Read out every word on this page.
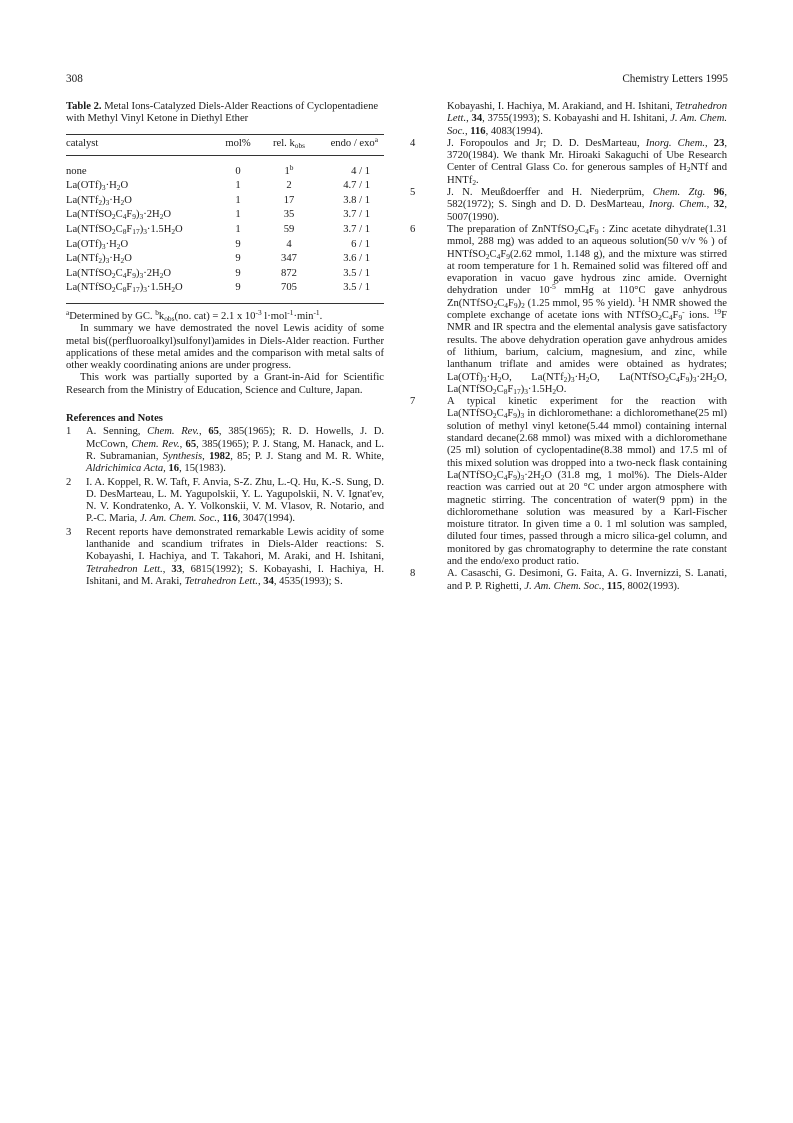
308	Chemistry Letters 1995
Table 2. Metal Ions-Catalyzed Diels-Alder Reactions of Cyclopentadiene with Methyl Vinyl Ketone in Diethyl Ether
catalyst	mol%	rel. $k_{obs}$	endo / exo$^a$
none	0	1$^b$	4 / 1
$La(OTf)_3\cdot H_2O$	1	2	4.7 / 1
$La(NTf_2)_3\cdot H_2O$	1	17	3.8 / 1
$La(NTfSO_2C_4F_9)_3\cdot 2H_2O$	1	35	3.7 / 1
$La(NTfSO_2C_8F_{17})_3\cdot 1.5H_2O$	1	59	3.7 / 1
$La(OTf)_3\cdot H_2O$	9	4	6 / 1
$La(NTf_2)_3\cdot H_2O$	9	347	3.6 / 1
$La(NTfSO_2C_4F_9)_3\cdot 2H_2O$	9	872	3.5 / 1
$La(NTfSO_2C_8F_{17})_3\cdot 1.5H_2O$	9	705	3.5 / 1

$^a$Determined by GC. $^bk_{obs}(no$. cat) = 2.1 x $10^{-3}$ $l\cdot mol^{-1}\cdot\min^{-1}$.

In summary we have demostrated the novel Lewis acidity of some metal bis((perfluoroalkyl)sulfonyl)amides in Diels-Alder reaction. Further applications of these metal amides and the comparison with metal salts of other weakly coordinating anions are under progress.

This work was partially suported by a Grant-in-Aid for Scientific Research from the Ministry of Education, Science and Culture, Japan.

References and Notes
1 A. Senning, Chem. Rev., 65, 385(1965); R. D. Howells, J. D. McCown, Chem. Rev., 65, 385(1965); P. J. Stang, M. Hanack, and L. R. Subramanian, Synthesis, 1982, 85; P. J. Stang and M. R. White, Aldrichimica Acta, 16, 15(1983).
2 I. A. Koppel, R. W. Taft, F. Anvia, S-Z. Zhu, L.-Q. Hu, K.-S. Sung, D. D. DesMarteau, L. M. Yagupolskii, Y. L. Yagupolskii, N. V. Ignat'ev, N. V. Kondratenko, A. Y. Volkonskii, V. M. Vlasov, R. Notario, and P.-C. Maria, J. Am. Chem. Soc., 116, 3047(1994).
3 Recent reports have demonstrated remarkable Lewis acidity of some lanthanide and scandium trifrates in Diels-Alder reactions: S. Kobayashi, I. Hachiya, and T. Takahori, M. Araki, and H. Ishitani, Tetrahedron Lett., 33, 6815(1992); S. Kobayashi, I. Hachiya, H. Ishitani, and M. Araki, Tetrahedron Lett., 34, 4535(1993); S.
Kobayashi, I. Hachiya, M. Arakiand, and H. Ishitani, Tetrahedron Lett., 34, 3755(1993); S. Kobayashi and H. Ishitani, J. Am. Chem. Soc., 116, 4083(1994).
4	J. Foropoulos and Jr; D. D. DesMarteau, Inorg. Chem., 23, 3720(1984). We thank Mr. Hiroaki Sakaguchi of Ube Research Center of Central Glass Co. for generous samples of $H_2NTf$ and HNTf$_2$.
5	J. N. Meußdoerffer and H. Niederprüm, Chem. Ztg. 96, 582(1972); S. Singh and D. D. DesMarteau, Inorg. Chem., 32, 5007(1990).
6	The preparation of $ZnNTfSO_2C_4F_9$ : Zinc acetate dihydrate(1.31 mmol, 288 mg) was added to an aqueous solution(50 v/v % ) of $HNTfSO_2C_4F_9(2.62$ mmol, 1.148 g), and the mixture was stirred at room temperature for 1 h. Remained solid was filtered off and evaporation in vacuo gave hydrous zinc amide. Overnight dehydration under $10^{-5}$ mmHg at 110°C gave anhydrous $Zn(NTfSO_2C_4F_9)_2$ (1.25 mmol, 95 % yield). $^1$H NMR showed the complete exchange of acetate ions with $NTfSO_2C_4F_9^-$ ions. $^{19}$F NMR and IR spectra and the elemental analysis gave satisfactory results. The above dehydration operation gave anhydrous amides of lithium, barium, calcium, magnesium, and zinc, while lanthanum triflate and amides were obtained as hydrates; $La(OTf)_3\cdot H_2O$, $La(NTf_2)_3\cdot H_2O$, $La(NTfSO_2C_4F_9)_3\cdot 2H_2O$, $La(NTfSO_2C_8F_{17})_3\cdot 1.5H_2O$.
7	A typical kinetic experiment for the reaction with $La(NTfSO_2C_4F_9)_3$ in dichloromethane: a dichloromethane(25 ml) solution of methyl vinyl ketone(5.44 mmol) containing internal standard decane(2.68 mmol) was mixed with a dichloromethane (25 ml) solution of cyclopentadine(8.38 mmol) and 17.5 ml of this mixed solution was dropped into a two-neck flask containing $La(NTfSO_2C_4F_9)_3\cdot 2H_2O$ (31.8 mg, 1 mol%). The Diels-Alder reaction was carried out at 20 °C under argon atmosphere with magnetic stirring. The concentration of water(9 ppm) in the dichloromethane solution was measured by a Karl-Fischer moisture titrator. In given time a 0. 1 ml solution was sampled, diluted four times, passed through a micro silica-gel column, and monitored by gas chromatography to determine the rate constant and the endo/exo product ratio.
8	A. Casaschi, G. Desimoni, G. Faita, A. G. Invernizzi, S. Lanati, and P. P. Righetti, J. Am. Chem. Soc., 115, 8002(1993).
